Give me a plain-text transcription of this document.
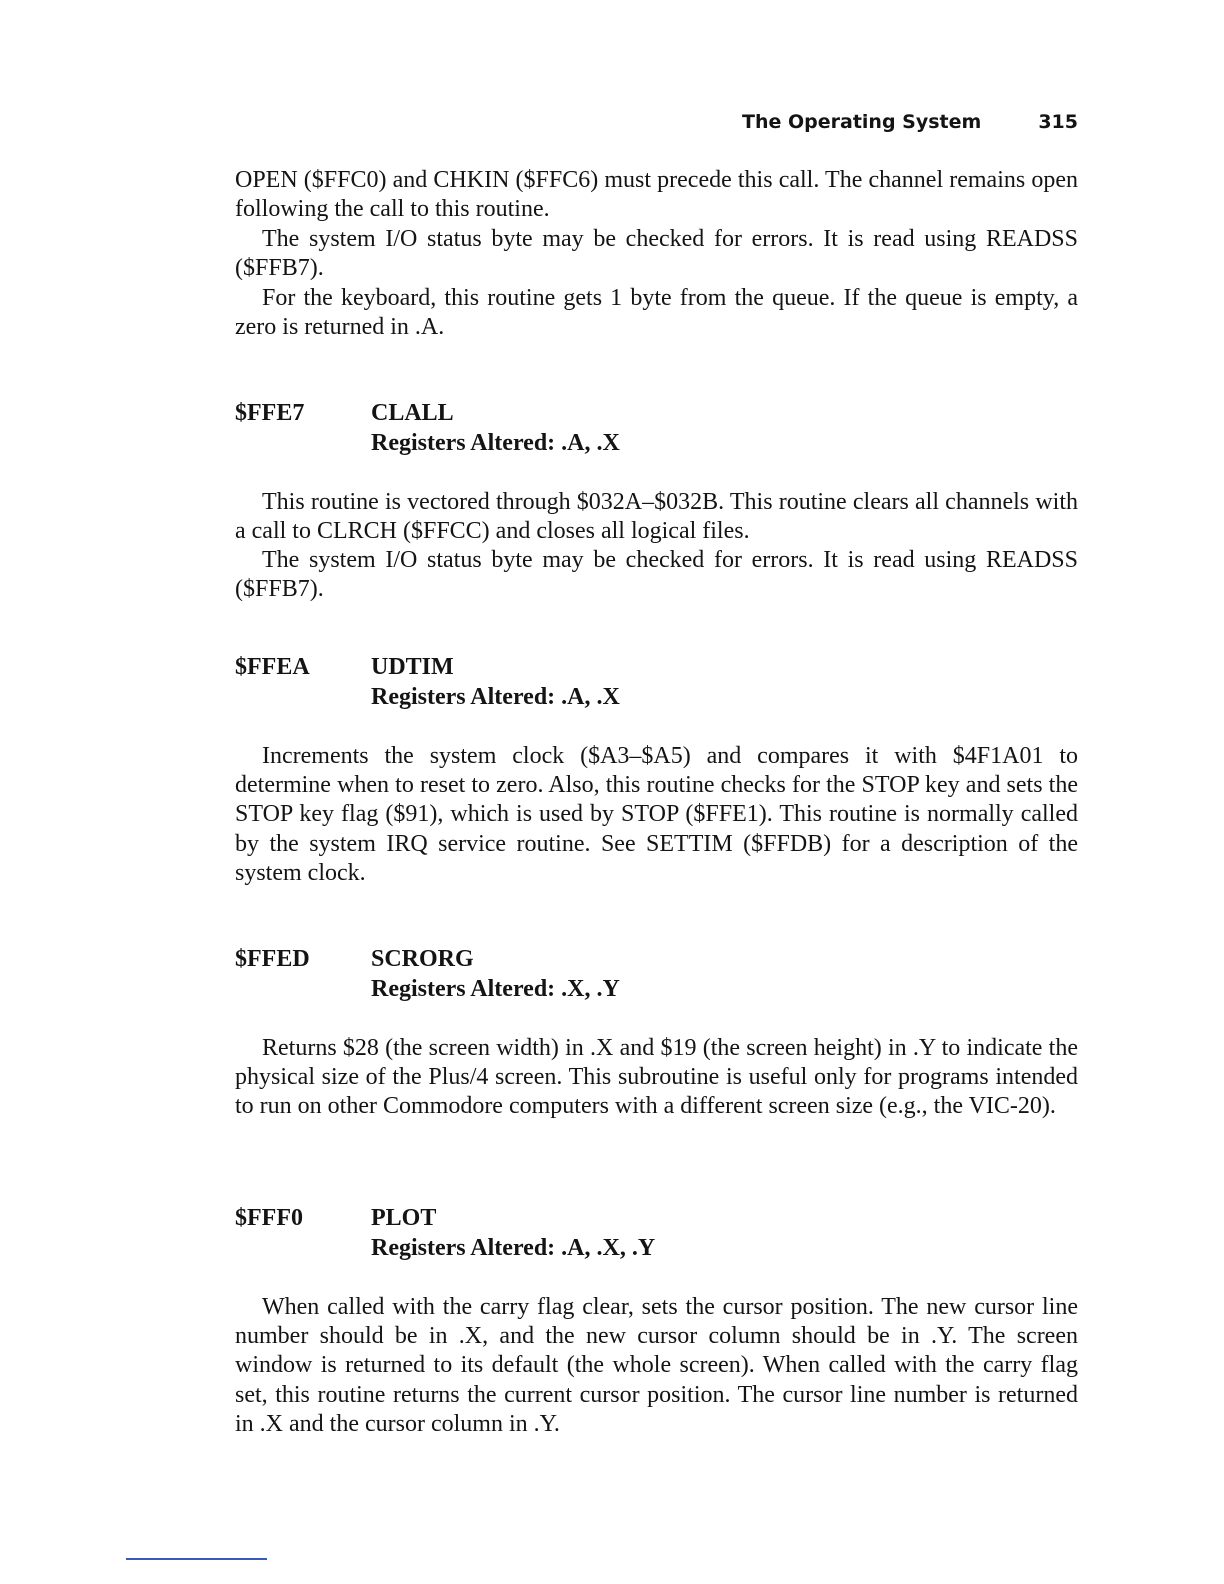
The Operating System	315

OPEN ($FFC0) and CHKIN ($FFC6) must precede this call. The channel remains open following the call to this routine.

The system I/O status byte may be checked for errors. It is read using READSS ($FFB7).

For the keyboard, this routine gets 1 byte from the queue. If the queue is empty, a zero is returned in .A.

$FFE7	CLALL
Registers Altered: .A, .X

This routine is vectored through $032A–$032B. This routine clears all channels with a call to CLRCH ($FFCC) and closes all logical files.

The system I/O status byte may be checked for errors. It is read using READSS ($FFB7).

$FFEA	UDTIM
Registers Altered: .A, .X

Increments the system clock ($A3–$A5) and compares it with $4F1A01 to determine when to reset to zero. Also, this routine checks for the STOP key and sets the STOP key flag ($91), which is used by STOP ($FFE1). This routine is normally called by the system IRQ service routine. See SETTIM ($FFDB) for a description of the system clock.

$FFED	SCRORG
Registers Altered: .X, .Y

Returns $28 (the screen width) in .X and $19 (the screen height) in .Y to indicate the physical size of the Plus/4 screen. This subroutine is useful only for programs intended to run on other Commodore computers with a different screen size (e.g., the VIC-20).

$FFF0	PLOT
Registers Altered: .A, .X, .Y

When called with the carry flag clear, sets the cursor position. The new cursor line number should be in .X, and the new cursor column should be in .Y. The screen window is returned to its default (the whole screen). When called with the carry flag set, this routine returns the current cursor position. The cursor line number is returned in .X and the cursor column in .Y.
